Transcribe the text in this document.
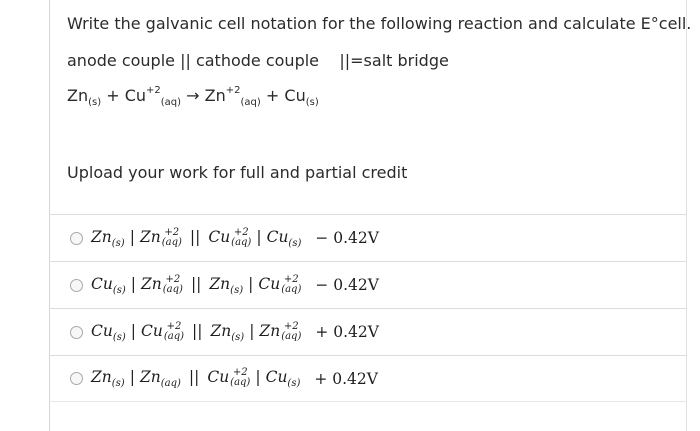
Write the galvanic cell notation for the following reaction and calculate E°cell.
anode couple || cathode couple ||=salt bridge
$Zn_{(s)} + Cu^{+2}_{(aq)} \to Zn^{+2}_{(aq)} + Cu_{(s)}$
Upload your work for full and partial credit
$Zn_{(s)}$ | Zn +2
(aq) || Cu +2
(aq) | $Cu_{(s)} - 0.42V$
$Cu_{(s)}$ | Zn +2
(aq) || $Zn_{(s)}$ | Cu +2
(aq) − 0.42V
$Cu_{(s)}$ | Cu +2
(aq) || $Zn_{(s)}$ | Zn +2
(aq) + 0.42V
$Zn_{(s)}$ | $Zn_{(aq)}$ || Cu +2
(aq) | $Cu_{(s)} + 0.42V$
